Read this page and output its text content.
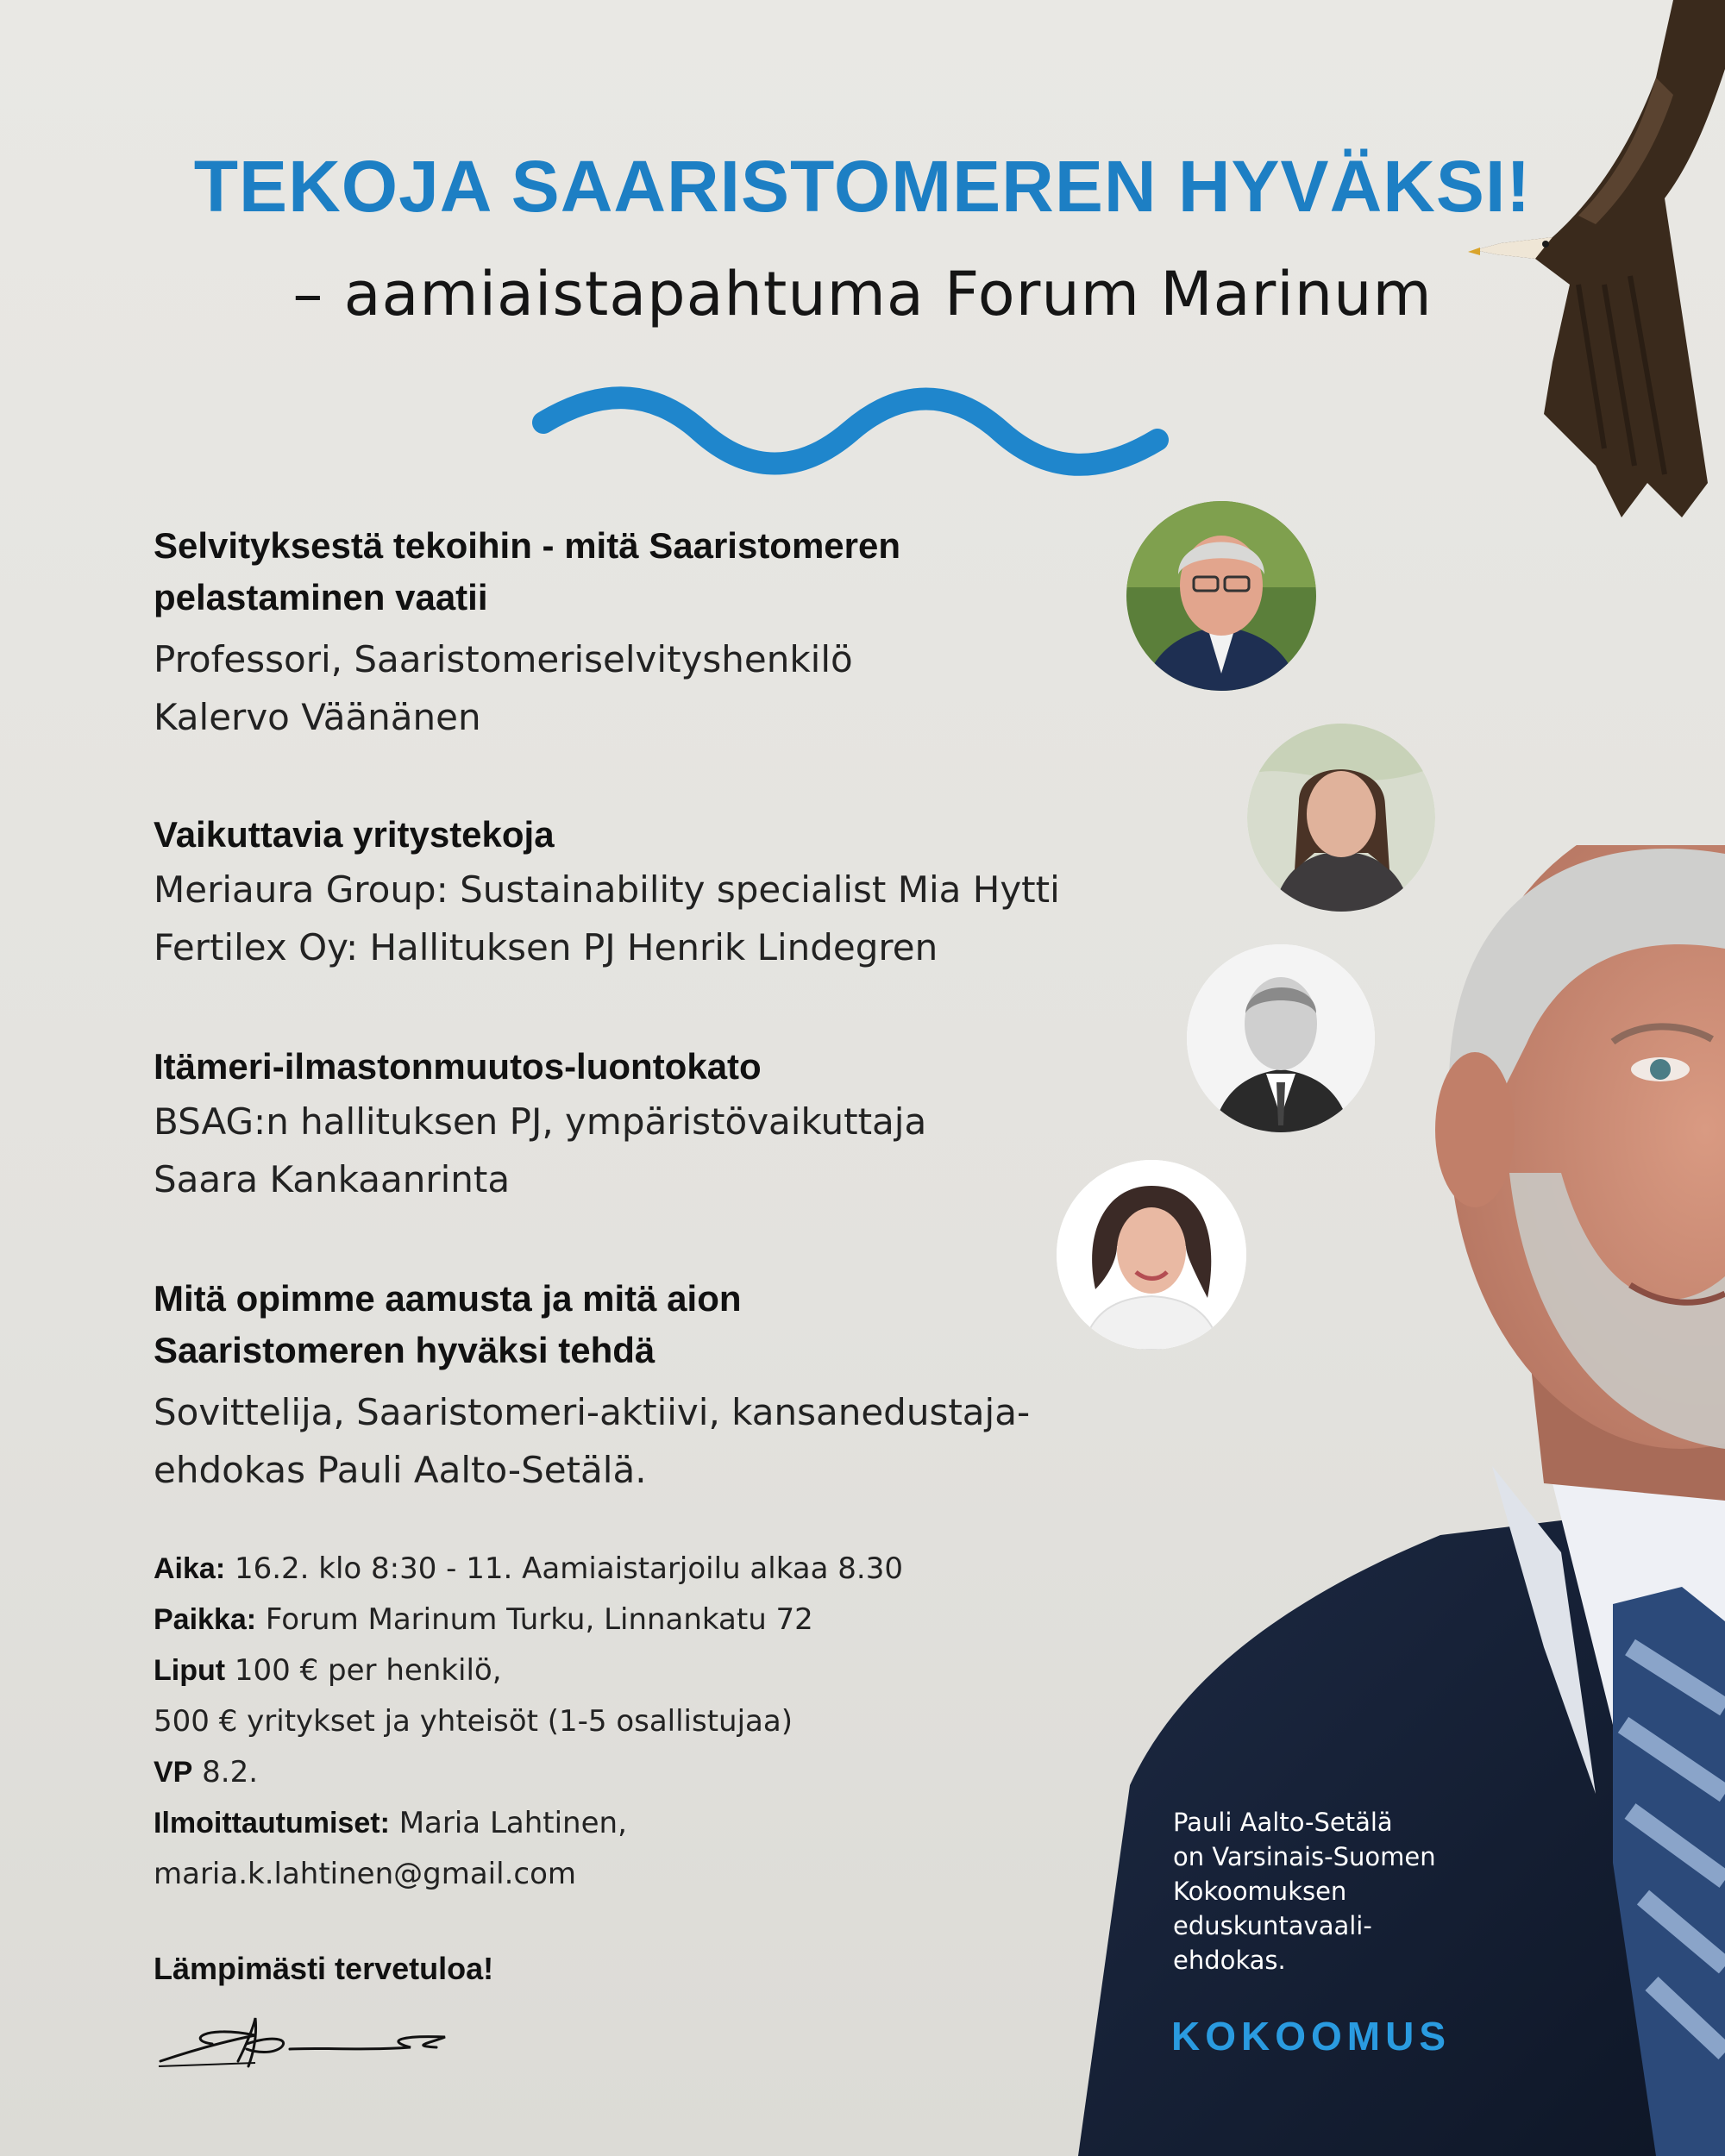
TEKOJA SAARISTOMEREN HYVÄKSI!
– aamiaistapahtuma Forum Marinum
Selvityksestä tekoihin - mitä Saaristomeren
pelastaminen vaatii
Professori, Saaristomeriselvityshenkilö
Kalervo Väänänen
Vaikuttavia yritystekoja
Meriaura Group: Sustainability specialist Mia Hytti
Fertilex Oy: Hallituksen PJ Henrik Lindegren
Itämeri-ilmastonmuutos-luontokato
BSAG:n hallituksen PJ, ympäristövaikuttaja
Saara Kankaanrinta
Mitä opimme aamusta ja mitä aion
Saaristomeren hyväksi tehdä
Sovittelija, Saaristomeri-aktiivi, kansanedustaja-
ehdokas Pauli Aalto-Setälä.
Aika: 16.2. klo 8:30 - 11. Aamiaistarjoilu alkaa 8.30
Paikka: Forum Marinum Turku, Linnankatu 72
Liput 100 € per henkilö,
500 € yritykset ja yhteisöt (1-5 osallistujaa)
VP 8.2.
Ilmoittautumiset: Maria Lahtinen,
maria.k.lahtinen@gmail.com
Lämpimästi tervetuloa!
Pauli Aalto-Setälä
on Varsinais-Suomen
Kokoomuksen
eduskuntavaali-
ehdokas.
KOKOOMUS
